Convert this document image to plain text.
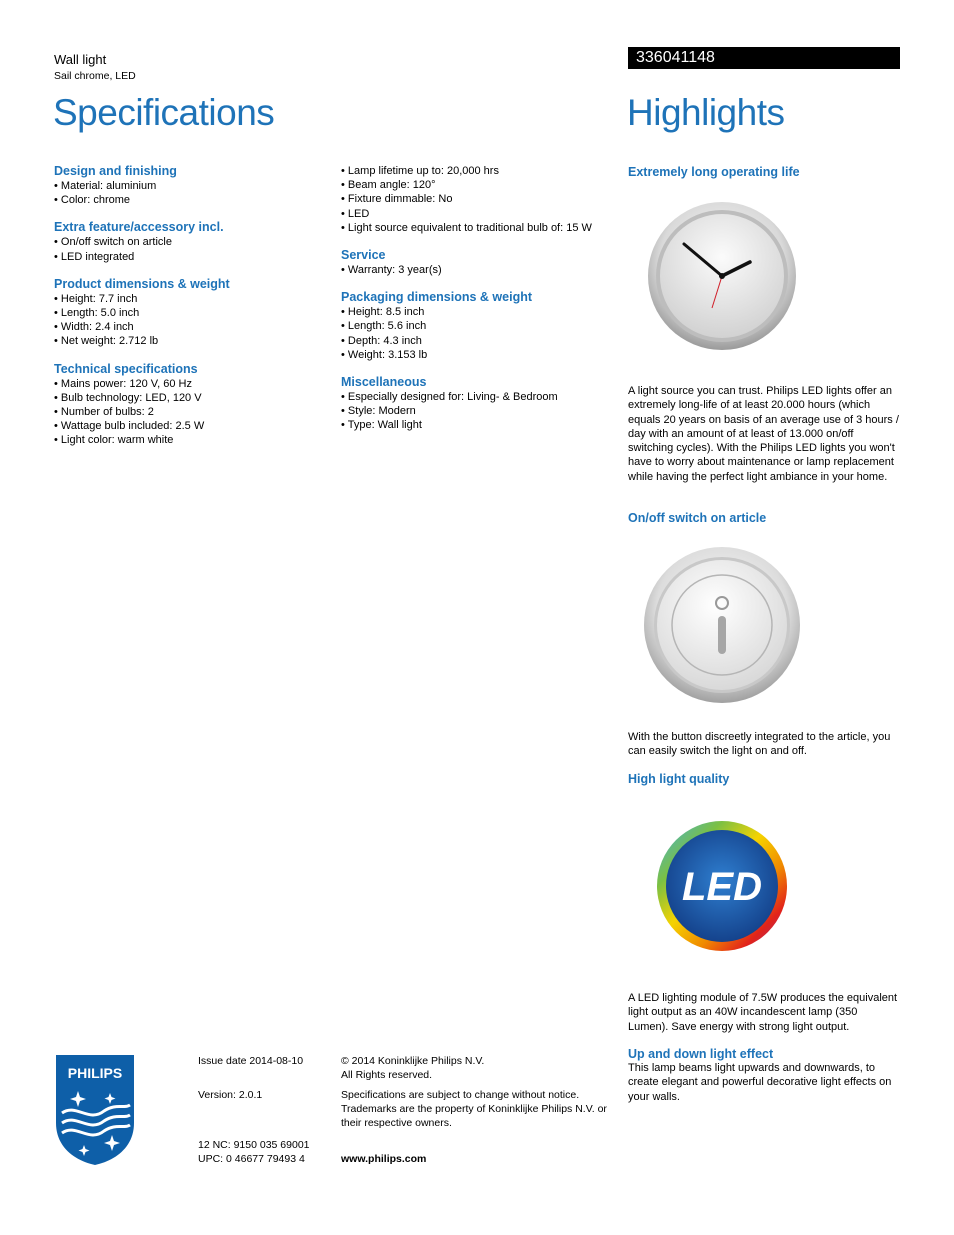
Wall light
Sail chrome, LED
336041148
Specifications	Highlights
Design and finishing
• Material: aluminium
• Color: chrome
Extra feature/accessory incl.
• On/off switch on article
• LED integrated
Product dimensions & weight
• Height: 7.7 inch
• Length: 5.0 inch
• Width: 2.4 inch
• Net weight: 2.712 lb
Technical specifications
• Mains power: 120 V, 60 Hz
• Bulb technology: LED, 120 V
• Number of bulbs: 2
• Wattage bulb included: 2.5 W
• Light color: warm white
• Lamp lifetime up to: 20,000 hrs
• Beam angle: 120°
• Fixture dimmable: No
• LED
• Light source equivalent to traditional bulb of: 15 W
Service
• Warranty: 3 year(s)
Packaging dimensions & weight
• Height: 8.5 inch
• Length: 5.6 inch
• Depth: 4.3 inch
• Weight: 3.153 lb
Miscellaneous
• Especially designed for: Living- & Bedroom
• Style: Modern
• Type: Wall light
Extremely long operating life
A light source you can trust. Philips LED lights offer an extremely long-life of at least 20.000 hours (which equals 20 years on basis of an average use of 3 hours / day with an amount of at least of 13.000 on/off switching cycles). With the Philips LED lights you won't have to worry about maintenance or lamp replacement while having the perfect light ambiance in your home.
On/off switch on article
With the button discreetly integrated to the article, you can easily switch the light on and off.
High light quality
LED
A LED lighting module of 7.5W produces the equivalent light output as an 40W incandescent lamp (350 Lumen). Save energy with strong light output.
Up and down light effect
This lamp beams light upwards and downwards, to create elegant and powerful decorative light effects on your walls.
PHILIPS
Issue date 2014-08-10
Version: 2.0.1
12 NC: 9150 035 69001
UPC: 0 46677 79493 4
© 2014 Koninklijke Philips N.V.
All Rights reserved.
Specifications are subject to change without notice. Trademarks are the property of Koninklijke Philips N.V. or their respective owners.
www.philips.com
